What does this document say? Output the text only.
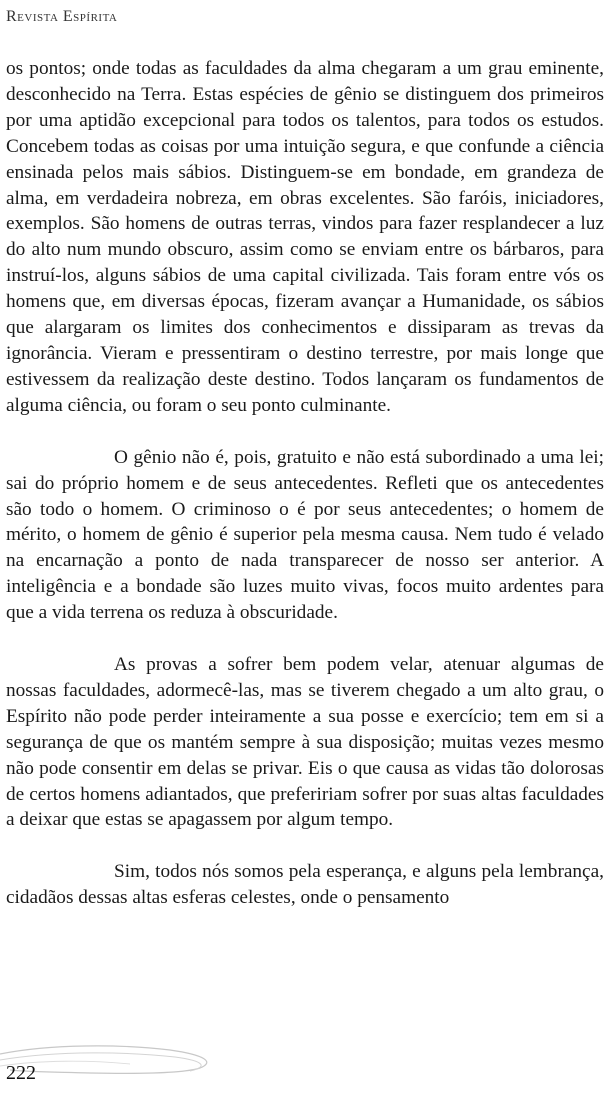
Revista Espírita

os pontos; onde todas as faculdades da alma chegaram a um grau eminente, desconhecido na Terra. Estas espécies de gênio se distinguem dos primeiros por uma aptidão excepcional para todos os talentos, para todos os estudos. Concebem todas as coisas por uma intuição segura, e que confunde a ciência ensinada pelos mais sábios. Distinguem-se em bondade, em grandeza de alma, em verdadeira nobreza, em obras excelentes. São faróis, iniciadores, exemplos. São homens de outras terras, vindos para fazer resplandecer a luz do alto num mundo obscuro, assim como se enviam entre os bárbaros, para instruí-los, alguns sábios de uma capital civilizada. Tais foram entre vós os homens que, em diversas épocas, fizeram avançar a Humanidade, os sábios que alargaram os limites dos conhecimentos e dissiparam as trevas da ignorância. Vieram e pressentiram o destino terrestre, por mais longe que estivessem da realização deste destino. Todos lançaram os fundamentos de alguma ciência, ou foram o seu ponto culminante.

O gênio não é, pois, gratuito e não está subordinado a uma lei; sai do próprio homem e de seus antecedentes. Refleti que os antecedentes são todo o homem. O criminoso o é por seus antecedentes; o homem de mérito, o homem de gênio é superior pela mesma causa. Nem tudo é velado na encarnação a ponto de nada transparecer de nosso ser anterior. A inteligência e a bondade são luzes muito vivas, focos muito ardentes para que a vida terrena os reduza à obscuridade.

As provas a sofrer bem podem velar, atenuar algumas de nossas faculdades, adormecê-las, mas se tiverem chegado a um alto grau, o Espírito não pode perder inteiramente a sua posse e exercício; tem em si a segurança de que os mantém sempre à sua disposição; muitas vezes mesmo não pode consentir em delas se privar. Eis o que causa as vidas tão dolorosas de certos homens adiantados, que prefeririam sofrer por suas altas faculdades a deixar que estas se apagassem por algum tempo.

Sim, todos nós somos pela esperança, e alguns pela lembrança, cidadãos dessas altas esferas celestes, onde o pensamento

222
